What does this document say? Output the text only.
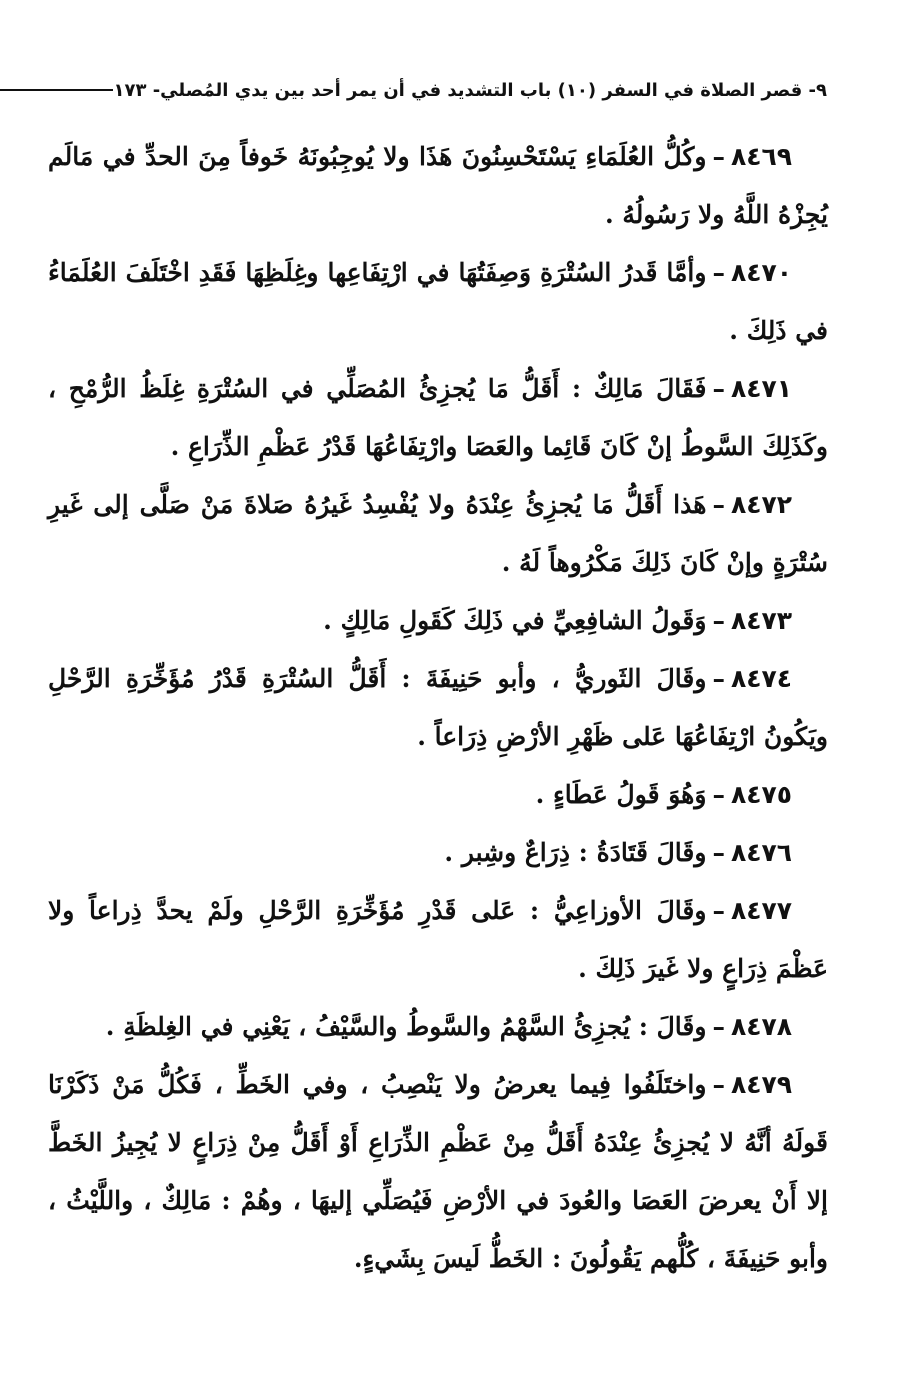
٩- قصر الصلاة في السفر (١٠) باب التشديد في أن يمر أحد بين يدي المُصلي- ١٧٣

٨٤٦٩–وكُلُّ العُلَمَاءِ يَسْتَحْسِنُونَ هَذَا ولا يُوجِبُونَهُ خَوفاً مِنَ الحدِّ في مَالَم يُجِزْهُ اللَّهُ ولا رَسُولُهُ .

٨٤٧٠–وأمَّا قَدرُ السُتْرَةِ وَصِفَتُهَا في ارْتِفَاعِها وغِلَظِهَا فَقَدِ اخْتَلَفَ العُلَمَاءُ في ذَلِكَ .

٨٤٧١–فَقَالَ مَالِكٌ : أَقَلُّ مَا يُجزِئُ المُصَلِّي في السُتْرَةِ غِلَظُ الرُّمْحِ ، وكَذَلِكَ السَّوطُ إنْ كَانَ قَائِما والعَصَا وارْتِفَاعُهَا قَدْرُ عَظْمِ الذِّرَاعِ .

٨٤٧٢–هَذا أَقَلُّ مَا يُجزِئُ عِنْدَهُ ولا يُفْسِدُ غَيرُهُ صَلاةَ مَنْ صَلَّى إلى غَيرِ سُتْرَةٍ وإنْ كَانَ ذَلِكَ مَكْرُوهاً لَهُ .

٨٤٧٣–وَقَولُ الشافِعِيِّ في ذَلِكَ كَقَولِ مَالِكٍ .

٨٤٧٤–وقَالَ الثَوريُّ ، وأبو حَنِيفَةَ : أَقَلُّ السُتْرَةِ قَدْرُ مُؤَخِّرَةِ الرَّحْلِ ويَكُونُ ارْتِفَاعُهَا عَلى ظَهْرِ الأرْضِ ذِرَاعاً .

٨٤٧٥–وَهُوَ قَولُ عَطَاءٍ .

٨٤٧٦–وقَالَ قَتَادَةُ : ذِرَاعٌ وشِبر .

٨٤٧٧–وقَالَ الأوزاعِيُّ : عَلى قَدْرِ مُؤَخِّرَةِ الرَّحْلِ ولَمْ يحدَّ ذِراعاً ولا عَظْمَ ذِرَاعٍ ولا غَيرَ ذَلِكَ .

٨٤٧٨–وقَالَ : يُجزِئُ السَّهْمُ والسَّوطُ والسَّيْفُ ، يَعْنِي في الغِلظَةِ .

٨٤٧٩–واختَلَفُوا فِيما يعرضُ ولا يَنْصِبُ ، وفي الخَطِّ ، فَكُلُّ مَنْ ذَكَرْنَا قَولَهُ أنَّهُ لا يُجزِئُ عِنْدَهُ أَقَلُّ مِنْ عَظْمِ الذِّرَاعِ أَوْ أَقَلُّ مِنْ ذِرَاعٍ لا يُجِيزُ الخَطَّ إلا أَنْ يعرضَ العَصَا والعُودَ في الأرْضِ فَيُصَلِّي إليهَا ، وهُمْ : مَالِكٌ ، واللَّيْثُ ، وأبو حَنِيفَةَ ، كُلُّهم يَقُولُونَ : الخَطُّ لَيسَ بِشَيءٍ.
